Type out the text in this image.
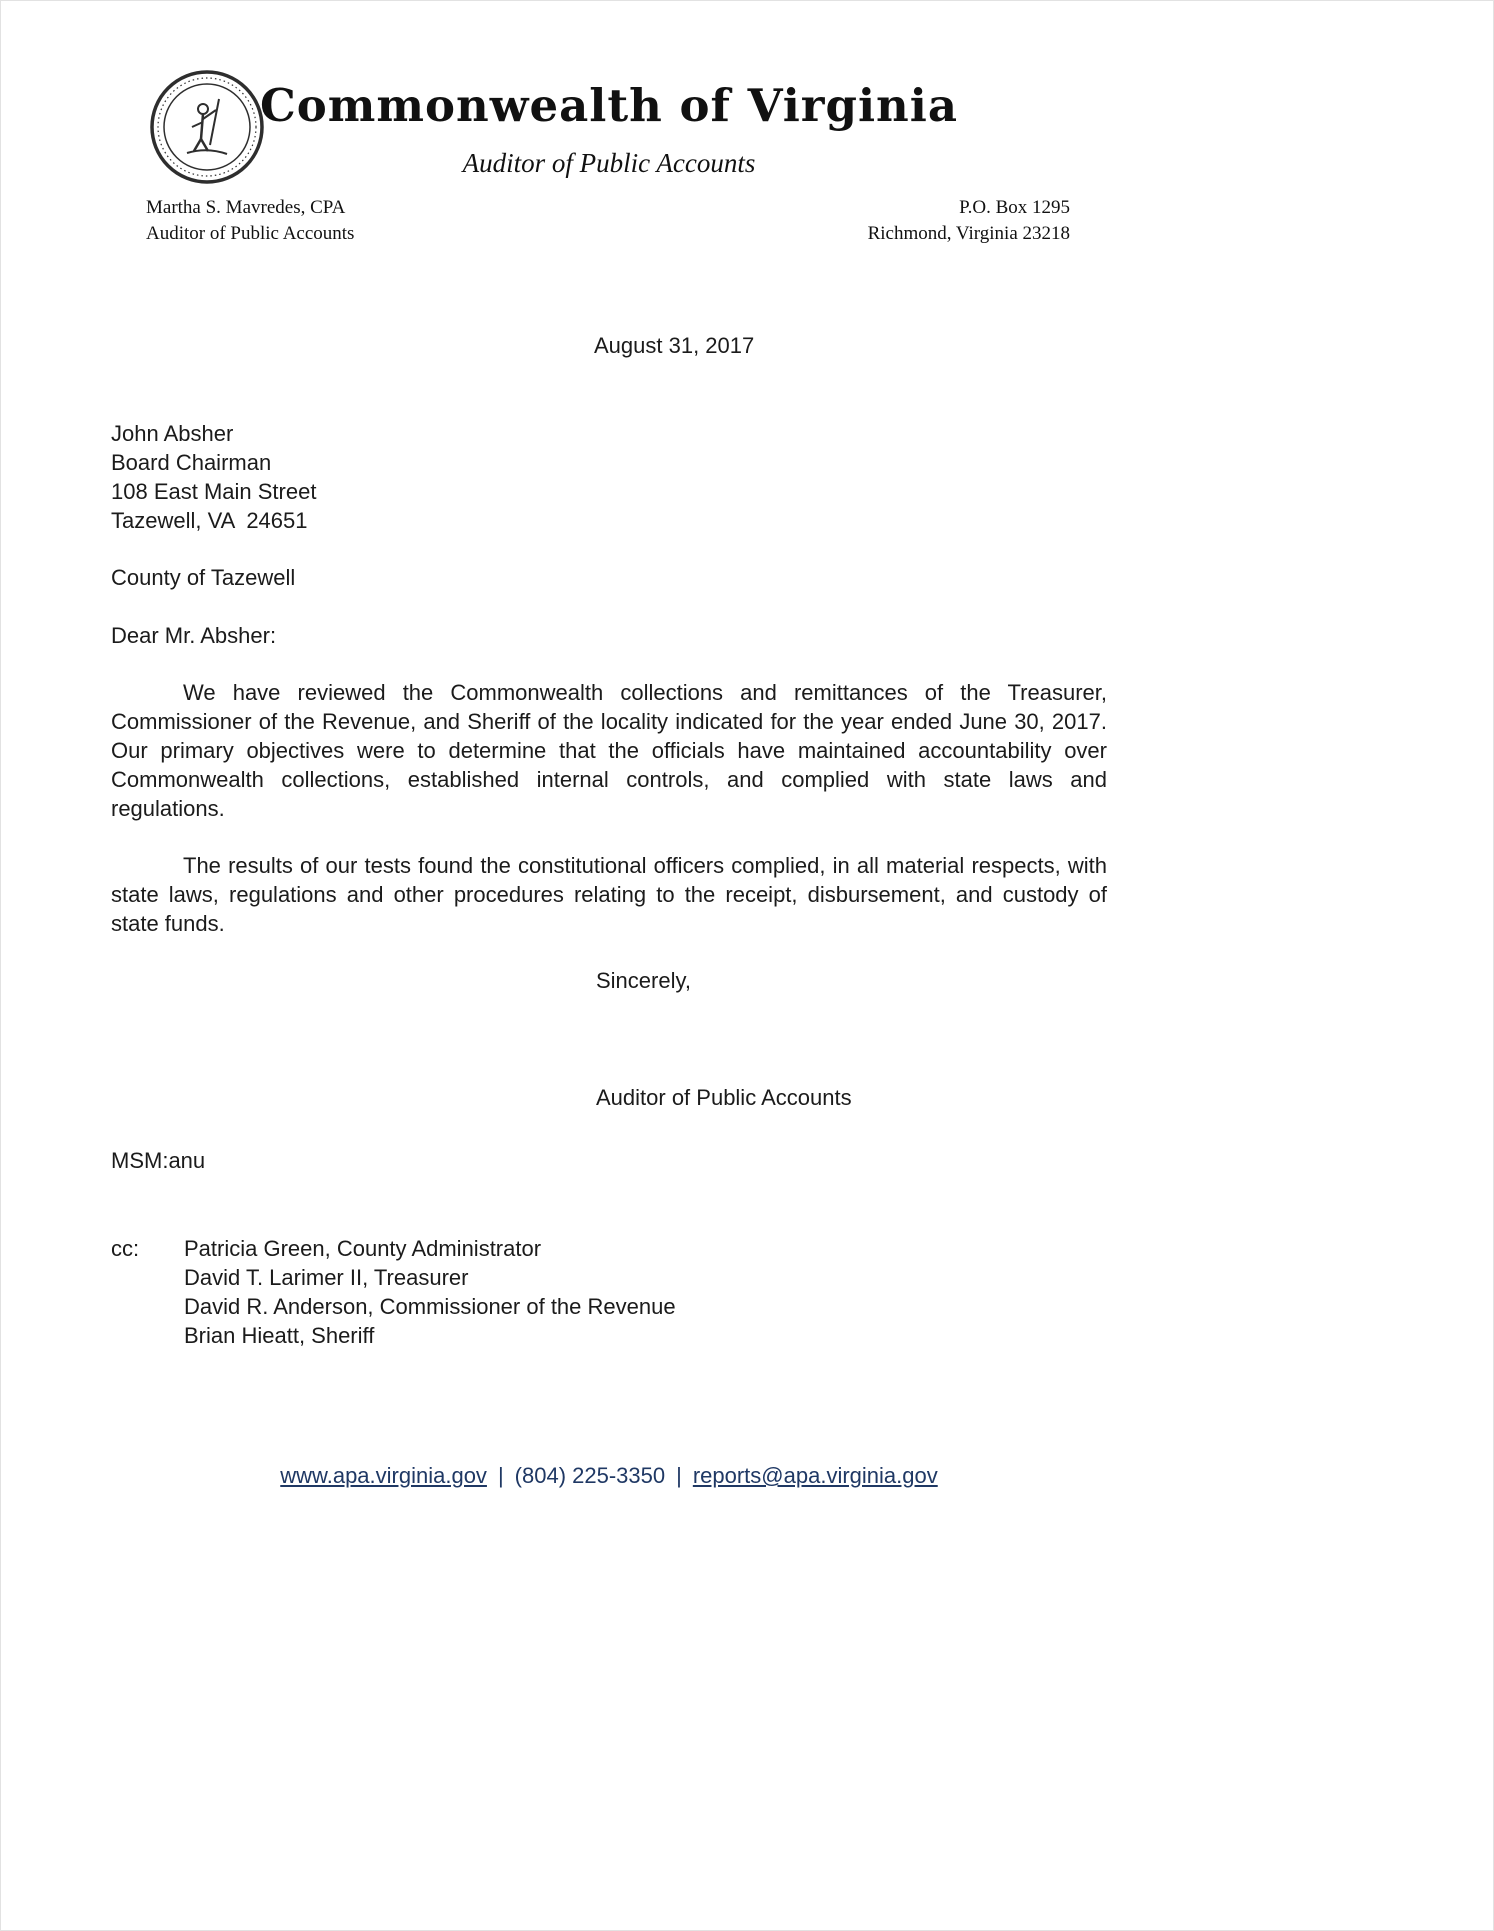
Commonwealth of Virginia
Auditor of Public Accounts
Martha S. Mavredes, CPA
Auditor of Public Accounts
P.O. Box 1295
Richmond, Virginia 23218
August 31, 2017
John Absher
Board Chairman
108 East Main Street
Tazewell, VA  24651
County of Tazewell
Dear Mr. Absher:

We have reviewed the Commonwealth collections and remittances of the Treasurer, Commissioner of the Revenue, and Sheriff of the locality indicated for the year ended June 30, 2017. Our primary objectives were to determine that the officials have maintained accountability over Commonwealth collections, established internal controls, and complied with state laws and regulations.

The results of our tests found the constitutional officers complied, in all material respects, with state laws, regulations and other procedures relating to the receipt, disbursement, and custody of state funds.

Sincerely,
Auditor of Public Accounts
MSM:anu
cc:	Patricia Green, County Administrator
David T. Larimer II, Treasurer
David R. Anderson, Commissioner of the Revenue
Brian Hieatt, Sheriff
www.apa.virginia.gov | (804) 225-3350 | reports@apa.virginia.gov
